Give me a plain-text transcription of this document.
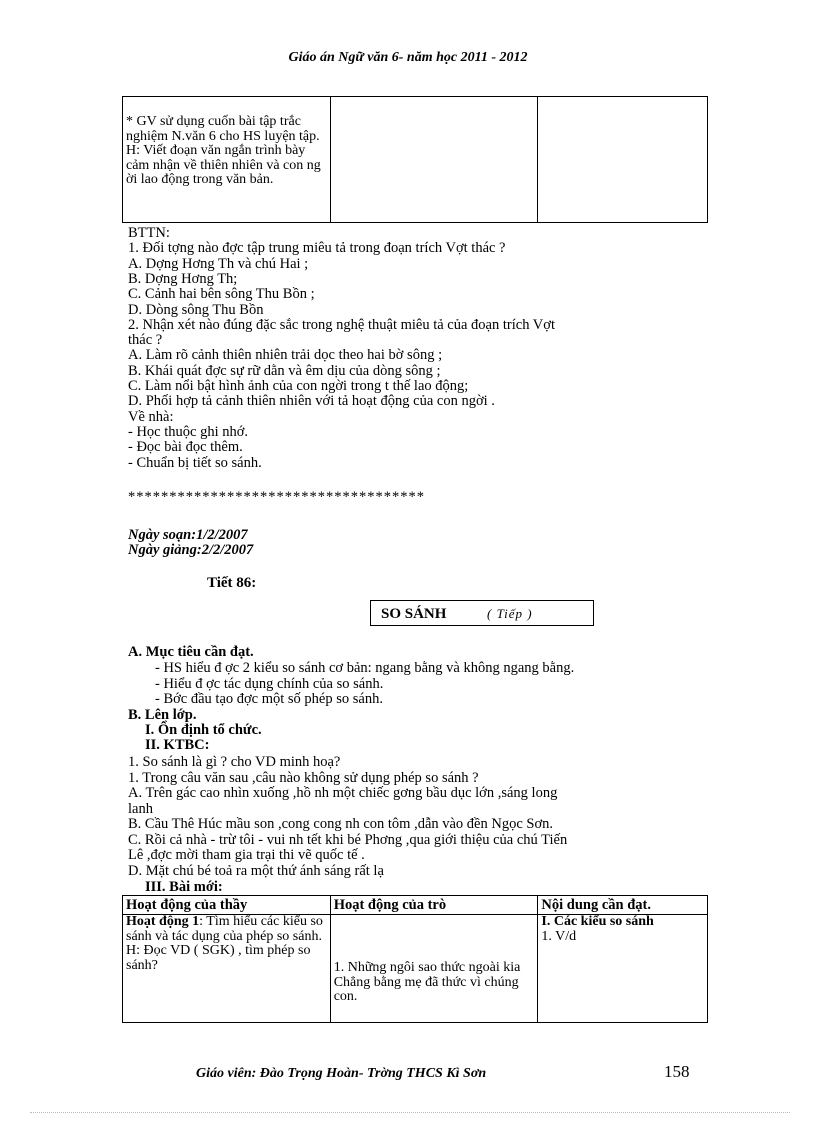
Giáo án Ngữ văn 6- năm học 2011 - 2012
* GV sử dụng cuốn bài tập trắc nghiệm N.văn 6 cho HS luyện tập. H: Viết đoạn văn ngắn trình bày cảm nhận về thiên nhiên và con ng ời lao động trong văn bản.

BTTN:
1. Đối tợng nào đợc tập trung miêu tả trong đoạn trích Vợt thác ?
A. Dợng Hơng Th và chú Hai ;
B. Dợng Hơng Th;
C. Cảnh hai bên sông Thu Bồn ;
D. Dòng sông Thu Bồn
2. Nhận xét nào đúng đặc sắc trong nghệ thuật miêu tả của đoạn trích Vợt
thác ?
A. Làm rõ cảnh thiên nhiên trải dọc theo hai bờ sông ;
B. Khái quát đợc sự rữ dằn và êm dịu của dòng sông ;
C. Làm nổi bật hình ảnh của con ngời trong t thế lao động;
D. Phối hợp tả cảnh thiên nhiên với tả hoạt động của con ngời .
Về nhà:
- Học thuộc ghi nhớ.
- Đọc bài đọc thêm.
- Chuẩn bị tiết so sánh.
************************************
Ngày soạn:1/2/2007
Ngày giảng:2/2/2007
Tiết 86:
SO SÁNH	( Tiếp )
A. Mục tiêu cần đạt.
- HS hiểu đ ợc 2 kiểu so sánh cơ bản: ngang bằng và không ngang bằng.
- Hiểu đ ợc tác dụng chính của so sánh.
- Bớc đầu tạo đợc một số phép so sánh.
B. Lên lớp.
I. Ổn định tổ chức.
II. KTBC:
1. So sánh là gì ? cho VD minh hoạ?
1. Trong câu văn sau ,câu nào không sử dụng phép so sánh ?
A. Trên gác cao nhìn xuống ,hồ nh một chiếc gơng bầu dục lớn ,sáng long
lanh
B. Cầu Thê Húc mầu son ,cong cong nh con tôm ,dẫn vào đền Ngọc Sơn.
C. Rồi cả nhà - trừ tôi - vui nh tết khi bé Phơng ,qua giới thiệu của chú Tiến
Lê ,đợc mời tham gia trại thi vẽ quốc tế .
D. Mặt chú bé toả ra một thứ ánh sáng rất lạ
III. Bài mới:
Hoạt động của thầy	Hoạt động của trò	Nội dung cần đạt.

Hoạt động 1: Tìm hiểu các kiểu so sánh và tác dụng của phép so sánh. H: Đọc VD ( SGK) , tìm phép so sánh?	1. Những ngôi sao thức ngoài kia Chẳng bằng mẹ đã thức vì chúng con.	I. Các kiểu so sánh
1. V/d
Giáo viên: Đào Trọng Hoàn- Trờng THCS Kì Sơn	158
